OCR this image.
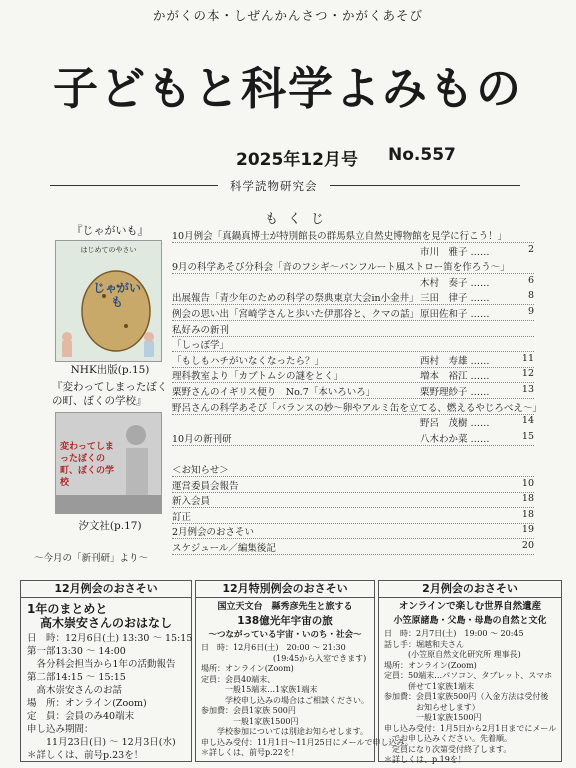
かがくの本・しぜんかんさつ・かがくあそび
子どもと科学よみもの
2025年12月号 No.557
科学読物研究会
もくじ
『じゃがいも』
はじめてのやさい
じゃがいも
NHK出版(p.15)
『変わってしまったぼくの町、ぼくの学校』
変わってしまったぼくの町、ぼくの学校
汐文社(p.17)
～今月の「新刊研」より～
10月例会「真鍋真博士が特別館長の群馬県立自然史博物館を見学に行こう！」
市川　雅子 ……	2
9月の科学あそび分科会「音のフシギ～パンフルート風ストロー笛を作ろう～」
木村　奏子 ……	6
出展報告「青少年のための科学の祭典東京大会in小金井」 三田　律子 ……	8
例会の思い出「宮崎学さんと歩いた伊那谷と、クマの話」 原田佐和子 ……	9
私好みの新刊
「しっぽ学」
「もしもハチがいなくなったら？」	西村　寿雄 ……	11
理科教室より「カブトムシの謎をとく」	増本　裕江 ……	12
栗野さんのイギリス便り　No.7「本いろいろ」	栗野理紗子 ……	13
野呂さんの科学あそび「バランスの妙～卵やアルミ缶を立てる、燃えるやじろべえ～」
野呂　茂樹 ……	14
10月の新刊研	八木わか菜 ……	15
＜お知らせ＞
運営委員会報告	10
新入会員	18
訂正	18
2月例会のおさそい	19
スケジュール／編集後記	20
12月例会のおさそい
1年のまとめと
高木崇安さんのおはなし
日　時：12月6日(土) 13:30 ～ 15:15
第一部13:30 ～ 14:00
　各分科会担当から1年の活動報告
第二部14:15 ～ 15:15
　高木崇安さんのお話
場　所：オンライン(Zoom)
定　員：会員のみ40端末
申し込み期間：
　　11月23日(日) ～ 12月3日(水)
＊詳しくは、前号p.23を！
12月特別例会のおさそい
国立天文台　縣秀彦先生と旅する
138億光年宇宙の旅
～つながっている宇宙・いのち・社会～
日　時：12月6日(土)　20:00 ～ 21:30
　　　　　　　　　(19:45から入室できます)
場所：オンライン(Zoom)
定員：会員40端末、
　　　一般15端末…1家族1端末
　　　学校申し込みの場合はご相談ください。
参加費：会員1家族 500円
　　　　一般1家族1500円
　　学校参加については別途お知らせします。
申し込み受付：11月1日～11月25日にメールで申し込み。
＊詳しくは、前号p.22を！
2月例会のおさそい
オンラインで楽しむ世界自然遺産
小笠原諸島・父島・母島の自然と文化
日　時：2月7日(土)　19:00 ～ 20:45
話し手：堀越和夫さん
　　　(小笠原自然文化研究所 理事長)
場所：オンライン(Zoom)
定員：50端末…パソコン、タブレット、スマホ
　　　併せて1家族1端末
参加費：会員1家族500円（入金方法は受付後
　　　　お知らせします）
　　　　一般1家族1500円
申し込み受付：1月5日から2月1日までにメール
　でお申し込みください。先着順。
　定員になり次第受付終了します。
＊詳しくは、p.19を！
